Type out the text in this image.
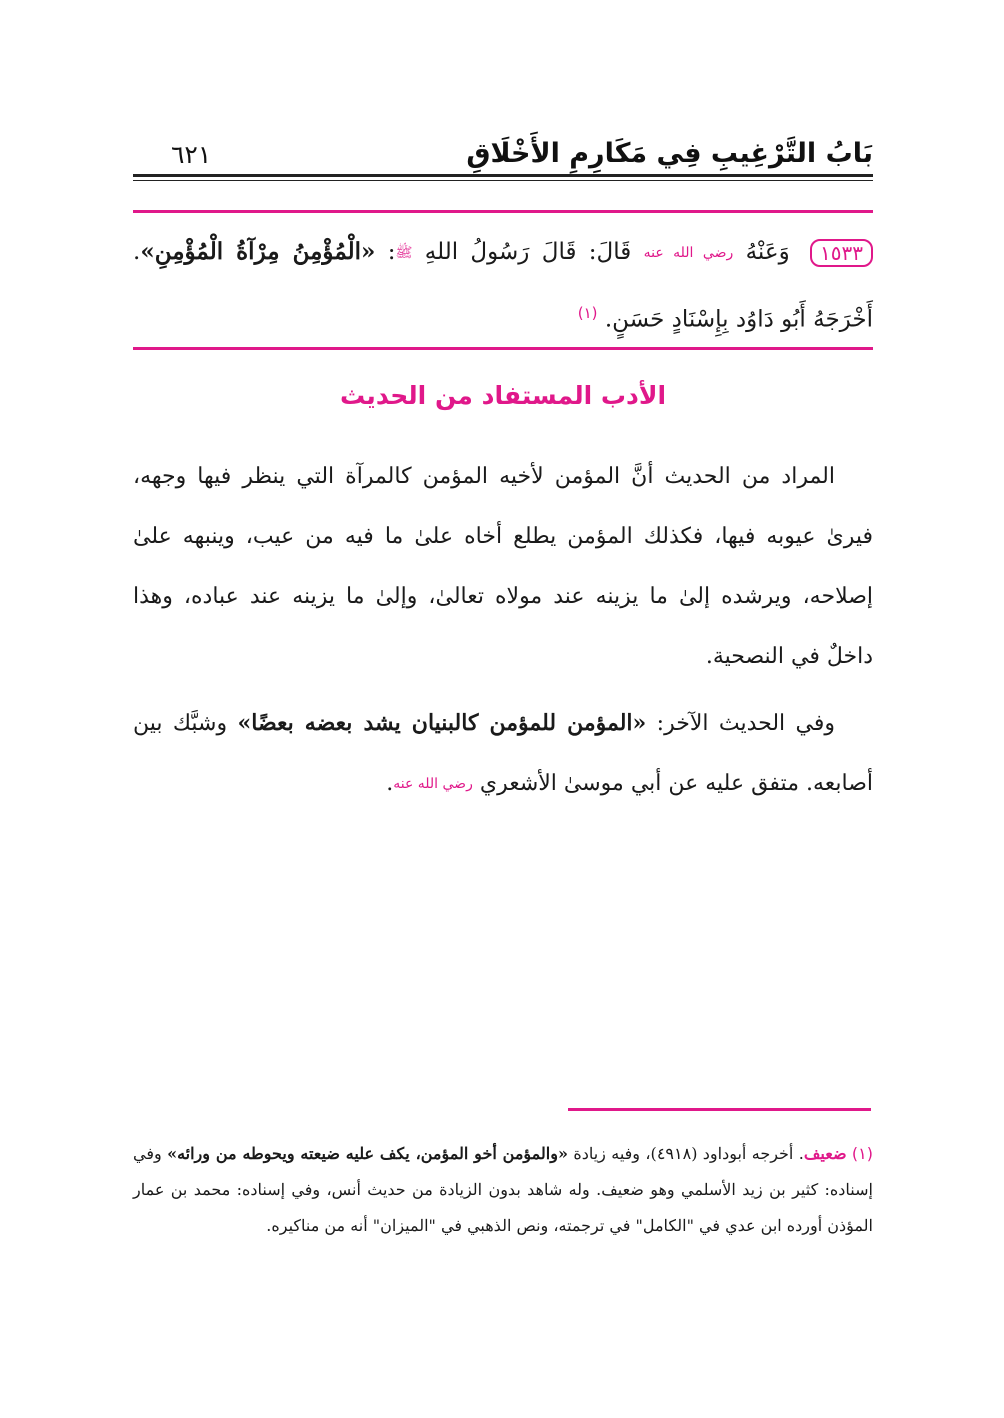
بَابُ التَّرْغِيبِ فِي مَكَارِمِ الأَخْلَاقِ
٦٢١
١٥٣٣ وَعَنْهُ رضي الله عنه قَالَ: قَالَ رَسُولُ اللهِ ﷺ: «الْمُؤْمِنُ مِرْآةُ الْمُؤْمِنِ». أَخْرَجَهُ أَبُو دَاوُد بِإِسْنَادٍ حَسَنٍ. $^{(١)}$
الأدب المستفاد من الحديث

المراد من الحديث أنَّ المؤمن لأخيه المؤمن كالمرآة التي ينظر فيها وجهه، فيرىٰ عيوبه فيها، فكذلك المؤمن يطلع أخاه علىٰ ما فيه من عيب، وينبهه علىٰ إصلاحه، ويرشده إلىٰ ما يزينه عند مولاه تعالىٰ، وإلىٰ ما يزينه عند عباده، وهذا داخلٌ في النصحية.

وفي الحديث الآخر: «المؤمن للمؤمن كالبنيان يشد بعضه بعضًا» وشبَّك بين أصابعه. متفق عليه عن أبي موسىٰ الأشعري رضي الله عنه.

(١) ضعيف. أخرجه أبوداود (٤٩١٨)، وفيه زيادة «والمؤمن أخو المؤمن، يكف عليه ضيعته ويحوطه من ورائه» وفي إسناده: كثير بن زيد الأسلمي وهو ضعيف. وله شاهد بدون الزيادة من حديث أنس، وفي إسناده: محمد بن عمار المؤذن أورده ابن عدي في "الكامل" في ترجمته، ونص الذهبي في "الميزان" أنه من مناكيره.
